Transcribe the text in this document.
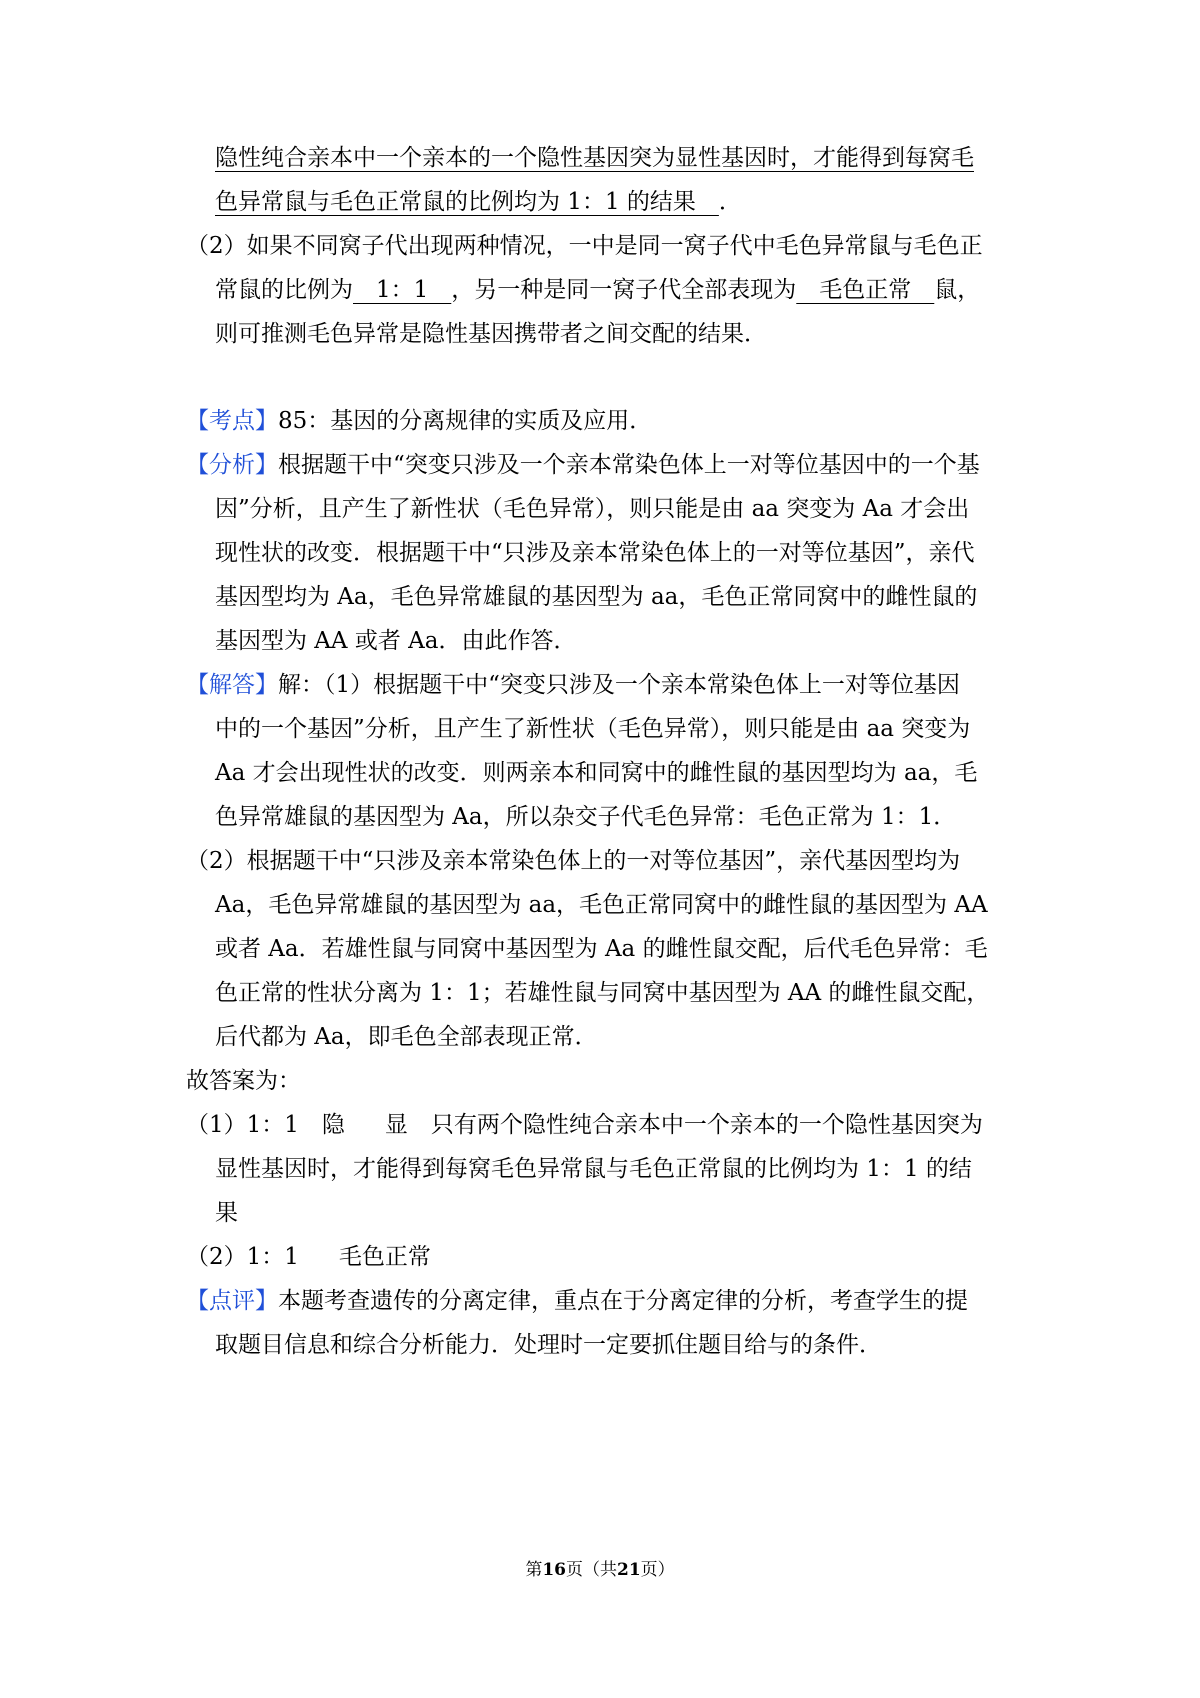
隐性纯合亲本中一个亲本的一个隐性基因突为显性基因时，才能得到每窝毛
色异常鼠与毛色正常鼠的比例均为 1：1 的结果　．
（2）如果不同窝子代出现两种情况，一中是同一窝子代中毛色异常鼠与毛色正
常鼠的比例为　1：1　，另一种是同一窝子代全部表现为　毛色正常　鼠，
则可推测毛色异常是隐性基因携带者之间交配的结果．
【考点】85：基因的分离规律的实质及应用．
【分析】根据题干中“突变只涉及一个亲本常染色体上一对等位基因中的一个基
因”分析，且产生了新性状（毛色异常），则只能是由 aa 突变为 Aa 才会出
现性状的改变．根据题干中“只涉及亲本常染色体上的一对等位基因”，亲代
基因型均为 Aa，毛色异常雄鼠的基因型为 aa，毛色正常同窝中的雌性鼠的
基因型为 AA 或者 Aa．由此作答．
【解答】解：（1）根据题干中“突变只涉及一个亲本常染色体上一对等位基因
中的一个基因”分析，且产生了新性状（毛色异常），则只能是由 aa 突变为
Aa 才会出现性状的改变．则两亲本和同窝中的雌性鼠的基因型均为 aa，毛
色异常雄鼠的基因型为 Aa，所以杂交子代毛色异常：毛色正常为 1：1．
（2）根据题干中“只涉及亲本常染色体上的一对等位基因”，亲代基因型均为
Aa，毛色异常雄鼠的基因型为 aa，毛色正常同窝中的雌性鼠的基因型为 AA
或者 Aa．若雄性鼠与同窝中基因型为 Aa 的雌性鼠交配，后代毛色异常：毛
色正常的性状分离为 1：1；若雄性鼠与同窝中基因型为 AA 的雌性鼠交配，
后代都为 Aa，即毛色全部表现正常．
故答案为：
（1）1：1　隐 显　只有两个隐性纯合亲本中一个亲本的一个隐性基因突为
显性基因时，才能得到每窝毛色异常鼠与毛色正常鼠的比例均为 1：1 的结
果
（2）1：1 毛色正常
【点评】本题考查遗传的分离定律，重点在于分离定律的分析，考查学生的提
取题目信息和综合分析能力．处理时一定要抓住题目给与的条件．
第16页（共21页）
